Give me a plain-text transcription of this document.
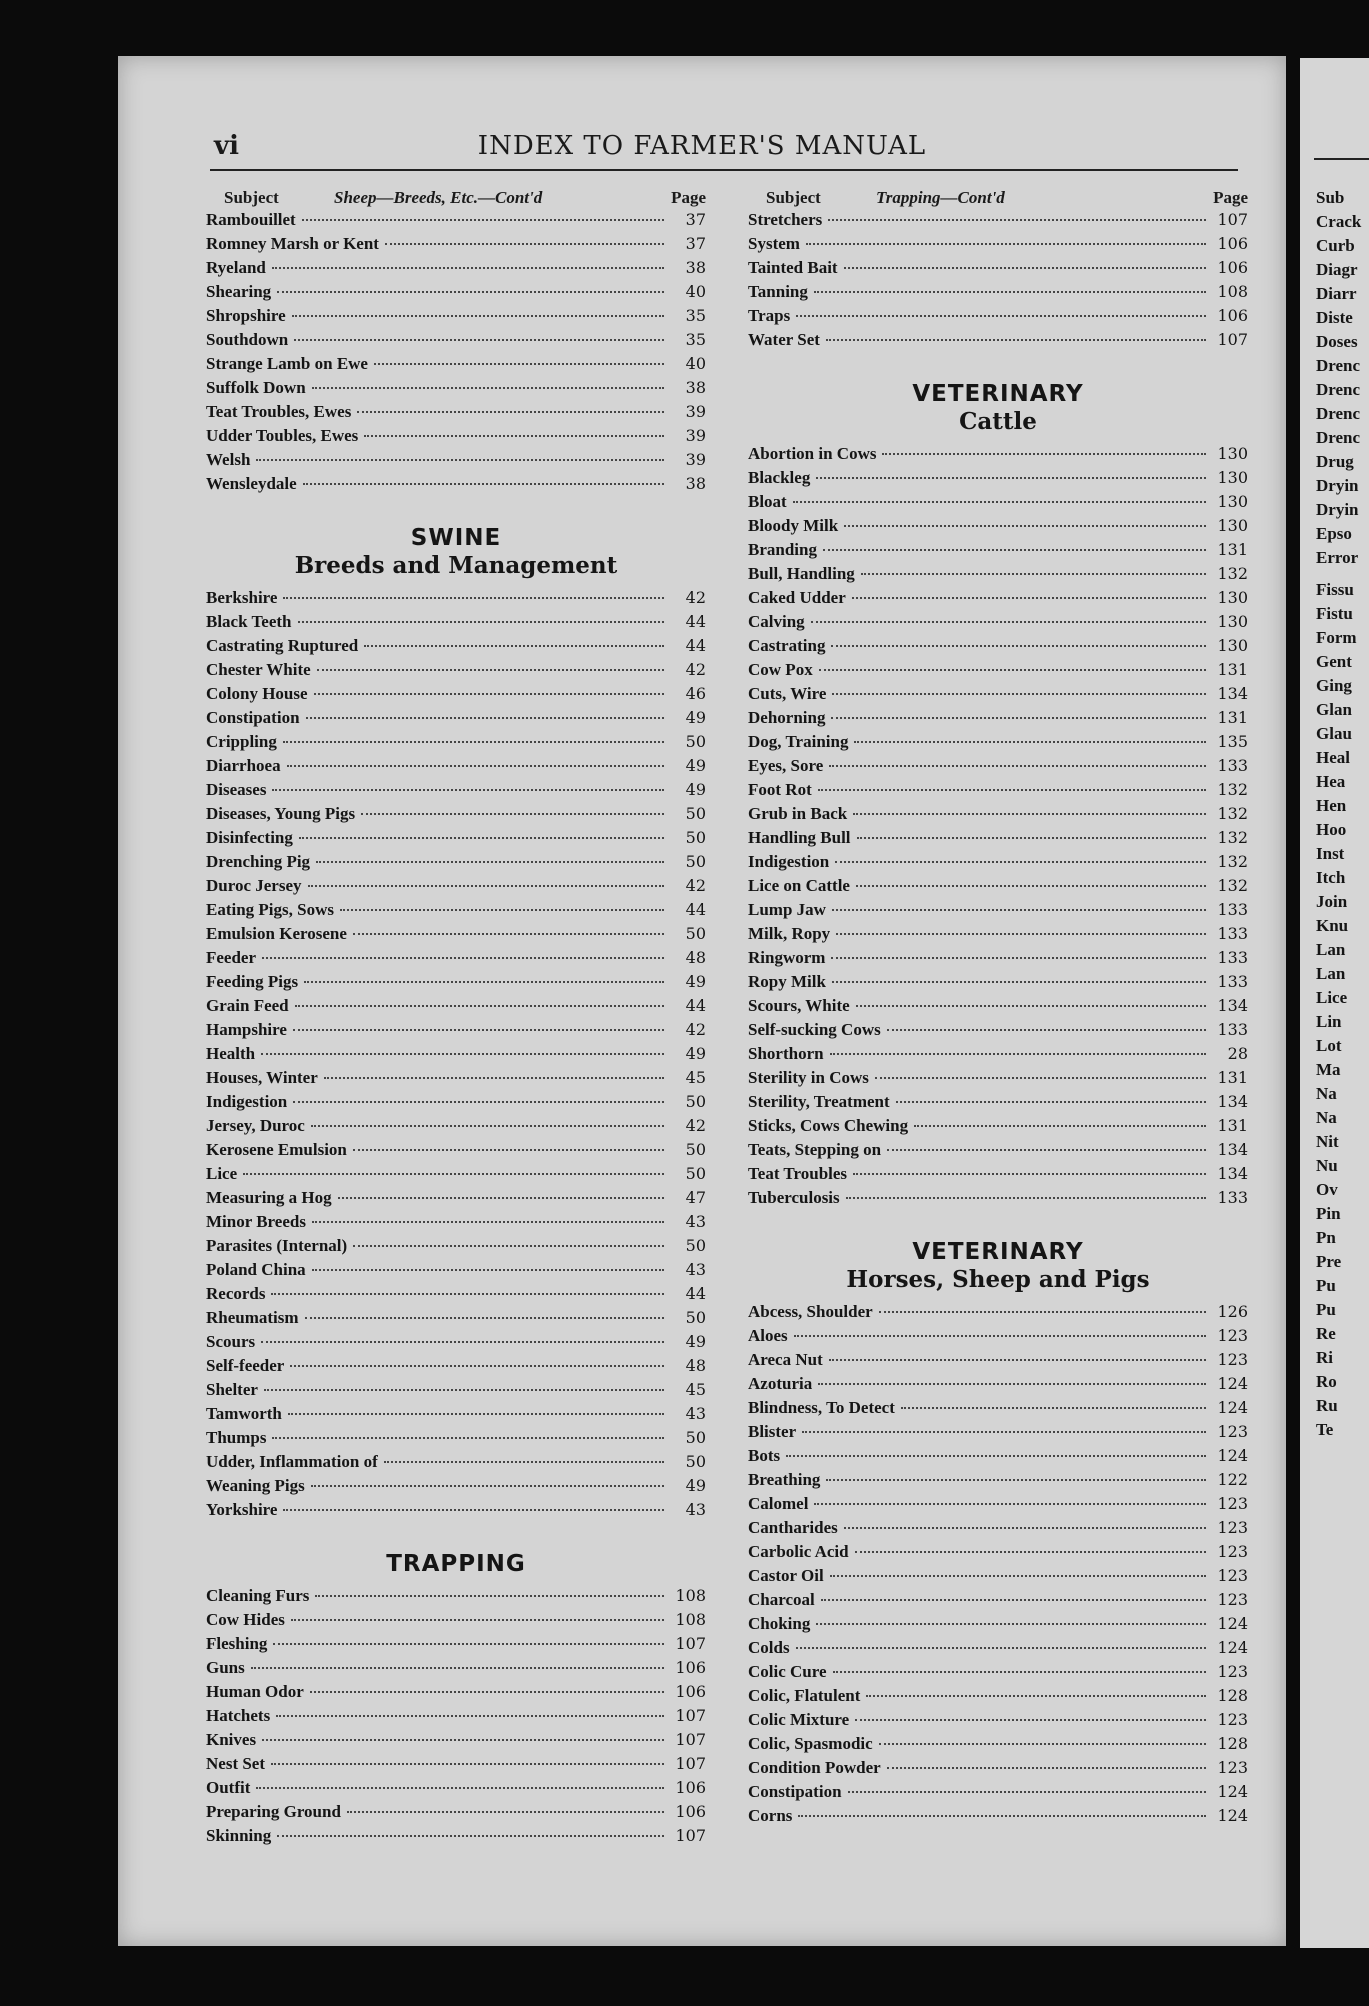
vi	INDEX TO FARMER'S MANUAL
Subject	Sheep—Breeds, Etc.—Cont'd	Page
Rambouillet	37
Romney Marsh or Kent	37
Ryeland	38
Shearing	40
Shropshire	35
Southdown	35
Strange Lamb on Ewe	40
Suffolk Down	38
Teat Troubles, Ewes	39
Udder Toubles, Ewes	39
Welsh	39
Wensleydale	38
SWINE
Breeds and Management
Berkshire	42
Black Teeth	44
Castrating Ruptured	44
Chester White	42
Colony House	46
Constipation	49
Crippling	50
Diarrhoea	49
Diseases	49
Diseases, Young Pigs	50
Disinfecting	50
Drenching Pig	50
Duroc Jersey	42
Eating Pigs, Sows	44
Emulsion Kerosene	50
Feeder	48
Feeding Pigs	49
Grain Feed	44
Hampshire	42
Health	49
Houses, Winter	45
Indigestion	50
Jersey, Duroc	42
Kerosene Emulsion	50
Lice	50
Measuring a Hog	47
Minor Breeds	43
Parasites (Internal)	50
Poland China	43
Records	44
Rheumatism	50
Scours	49
Self-feeder	48
Shelter	45
Tamworth	43
Thumps	50
Udder, Inflammation of	50
Weaning Pigs	49
Yorkshire	43
TRAPPING
Cleaning Furs	108
Cow Hides	108
Fleshing	107
Guns	106
Human Odor	106
Hatchets	107
Knives	107
Nest Set	107
Outfit	106
Preparing Ground	106
Skinning	107
Subject	Trapping—Cont'd	Page
Stretchers	107
System	106
Tainted Bait	106
Tanning	108
Traps	106
Water Set	107
VETERINARY
Cattle
Abortion in Cows	130
Blackleg	130
Bloat	130
Bloody Milk	130
Branding	131
Bull, Handling	132
Caked Udder	130
Calving	130
Castrating	130
Cow Pox	131
Cuts, Wire	134
Dehorning	131
Dog, Training	135
Eyes, Sore	133
Foot Rot	132
Grub in Back	132
Handling Bull	132
Indigestion	132
Lice on Cattle	132
Lump Jaw	133
Milk, Ropy	133
Ringworm	133
Ropy Milk	133
Scours, White	134
Self-sucking Cows	133
Shorthorn	28
Sterility in Cows	131
Sterility, Treatment	134
Sticks, Cows Chewing	131
Teats, Stepping on	134
Teat Troubles	134
Tuberculosis	133
VETERINARY
Horses, Sheep and Pigs
Abcess, Shoulder	126
Aloes	123
Areca Nut	123
Azoturia	124
Blindness, To Detect	124
Blister	123
Bots	124
Breathing	122
Calomel	123
Cantharides	123
Carbolic Acid	123
Castor Oil	123
Charcoal	123
Choking	124
Colds	124
Colic Cure	123
Colic, Flatulent	128
Colic Mixture	123
Colic, Spasmodic	128
Condition Powder	123
Constipation	124
Corns	124
Sub
Crack
Curb
Diagr
Diarr
Diste
Doses
Drenc
Drenc
Drenc
Drenc
Drug
Dryin
Dryin
Epso
Error
Fissu
Fistu
Form
Gent
Ging
Glan
Glau
Heal
Hea
Hen
Hoo
Inst
Itch
Join
Knu
Lan
Lan
Lice
Lin
Lot
Ma
Na
Na
Nit
Nu
Ov
Pin
Pn
Pre
Pu
Pu
Re
Ri
Ro
Ru
Te
